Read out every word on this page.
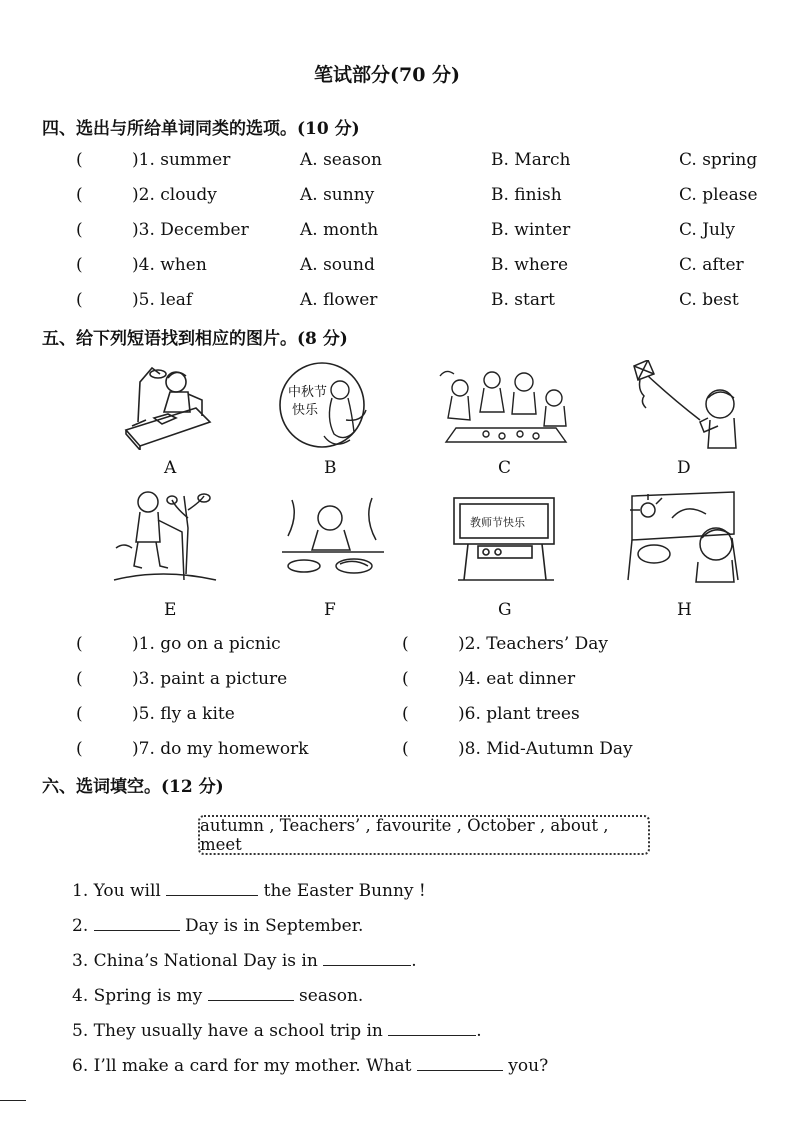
笔试部分(70 分)
四、选出与所给单词同类的选项。(10 分)
(	)1. summer	A. season	B. March	C. spring
(	)2. cloudy	A. sunny	B. finish	C. please
(	)3. December	A. month	B. winter	C. July
(	)4. when	A. sound	B. where	C. after
(	)5. leaf	A. flower	B. start	C. best
五、给下列短语找到相应的图片。(8 分)
A
中秋节
快乐
B	C	D
E	F
教师节快乐
G	H
(	)1. go on a picnic	(	)2. Teachers’ Day
(	)3. paint a picture	(	)4. eat dinner
(	)5. fly a kite	(	)6. plant trees
(	)7. do my homework	(	)8. Mid-Autumn Day
六、选词填空。(12 分)
autumn , Teachers’ , favourite , October , about , meet
1. You will	the Easter Bunny !
2.	Day is in September.
3. China’s National Day is in	.
4. Spring is my	season.
5. They usually have a school trip in	.
6. I’ll make a card for my mother. What	you?
